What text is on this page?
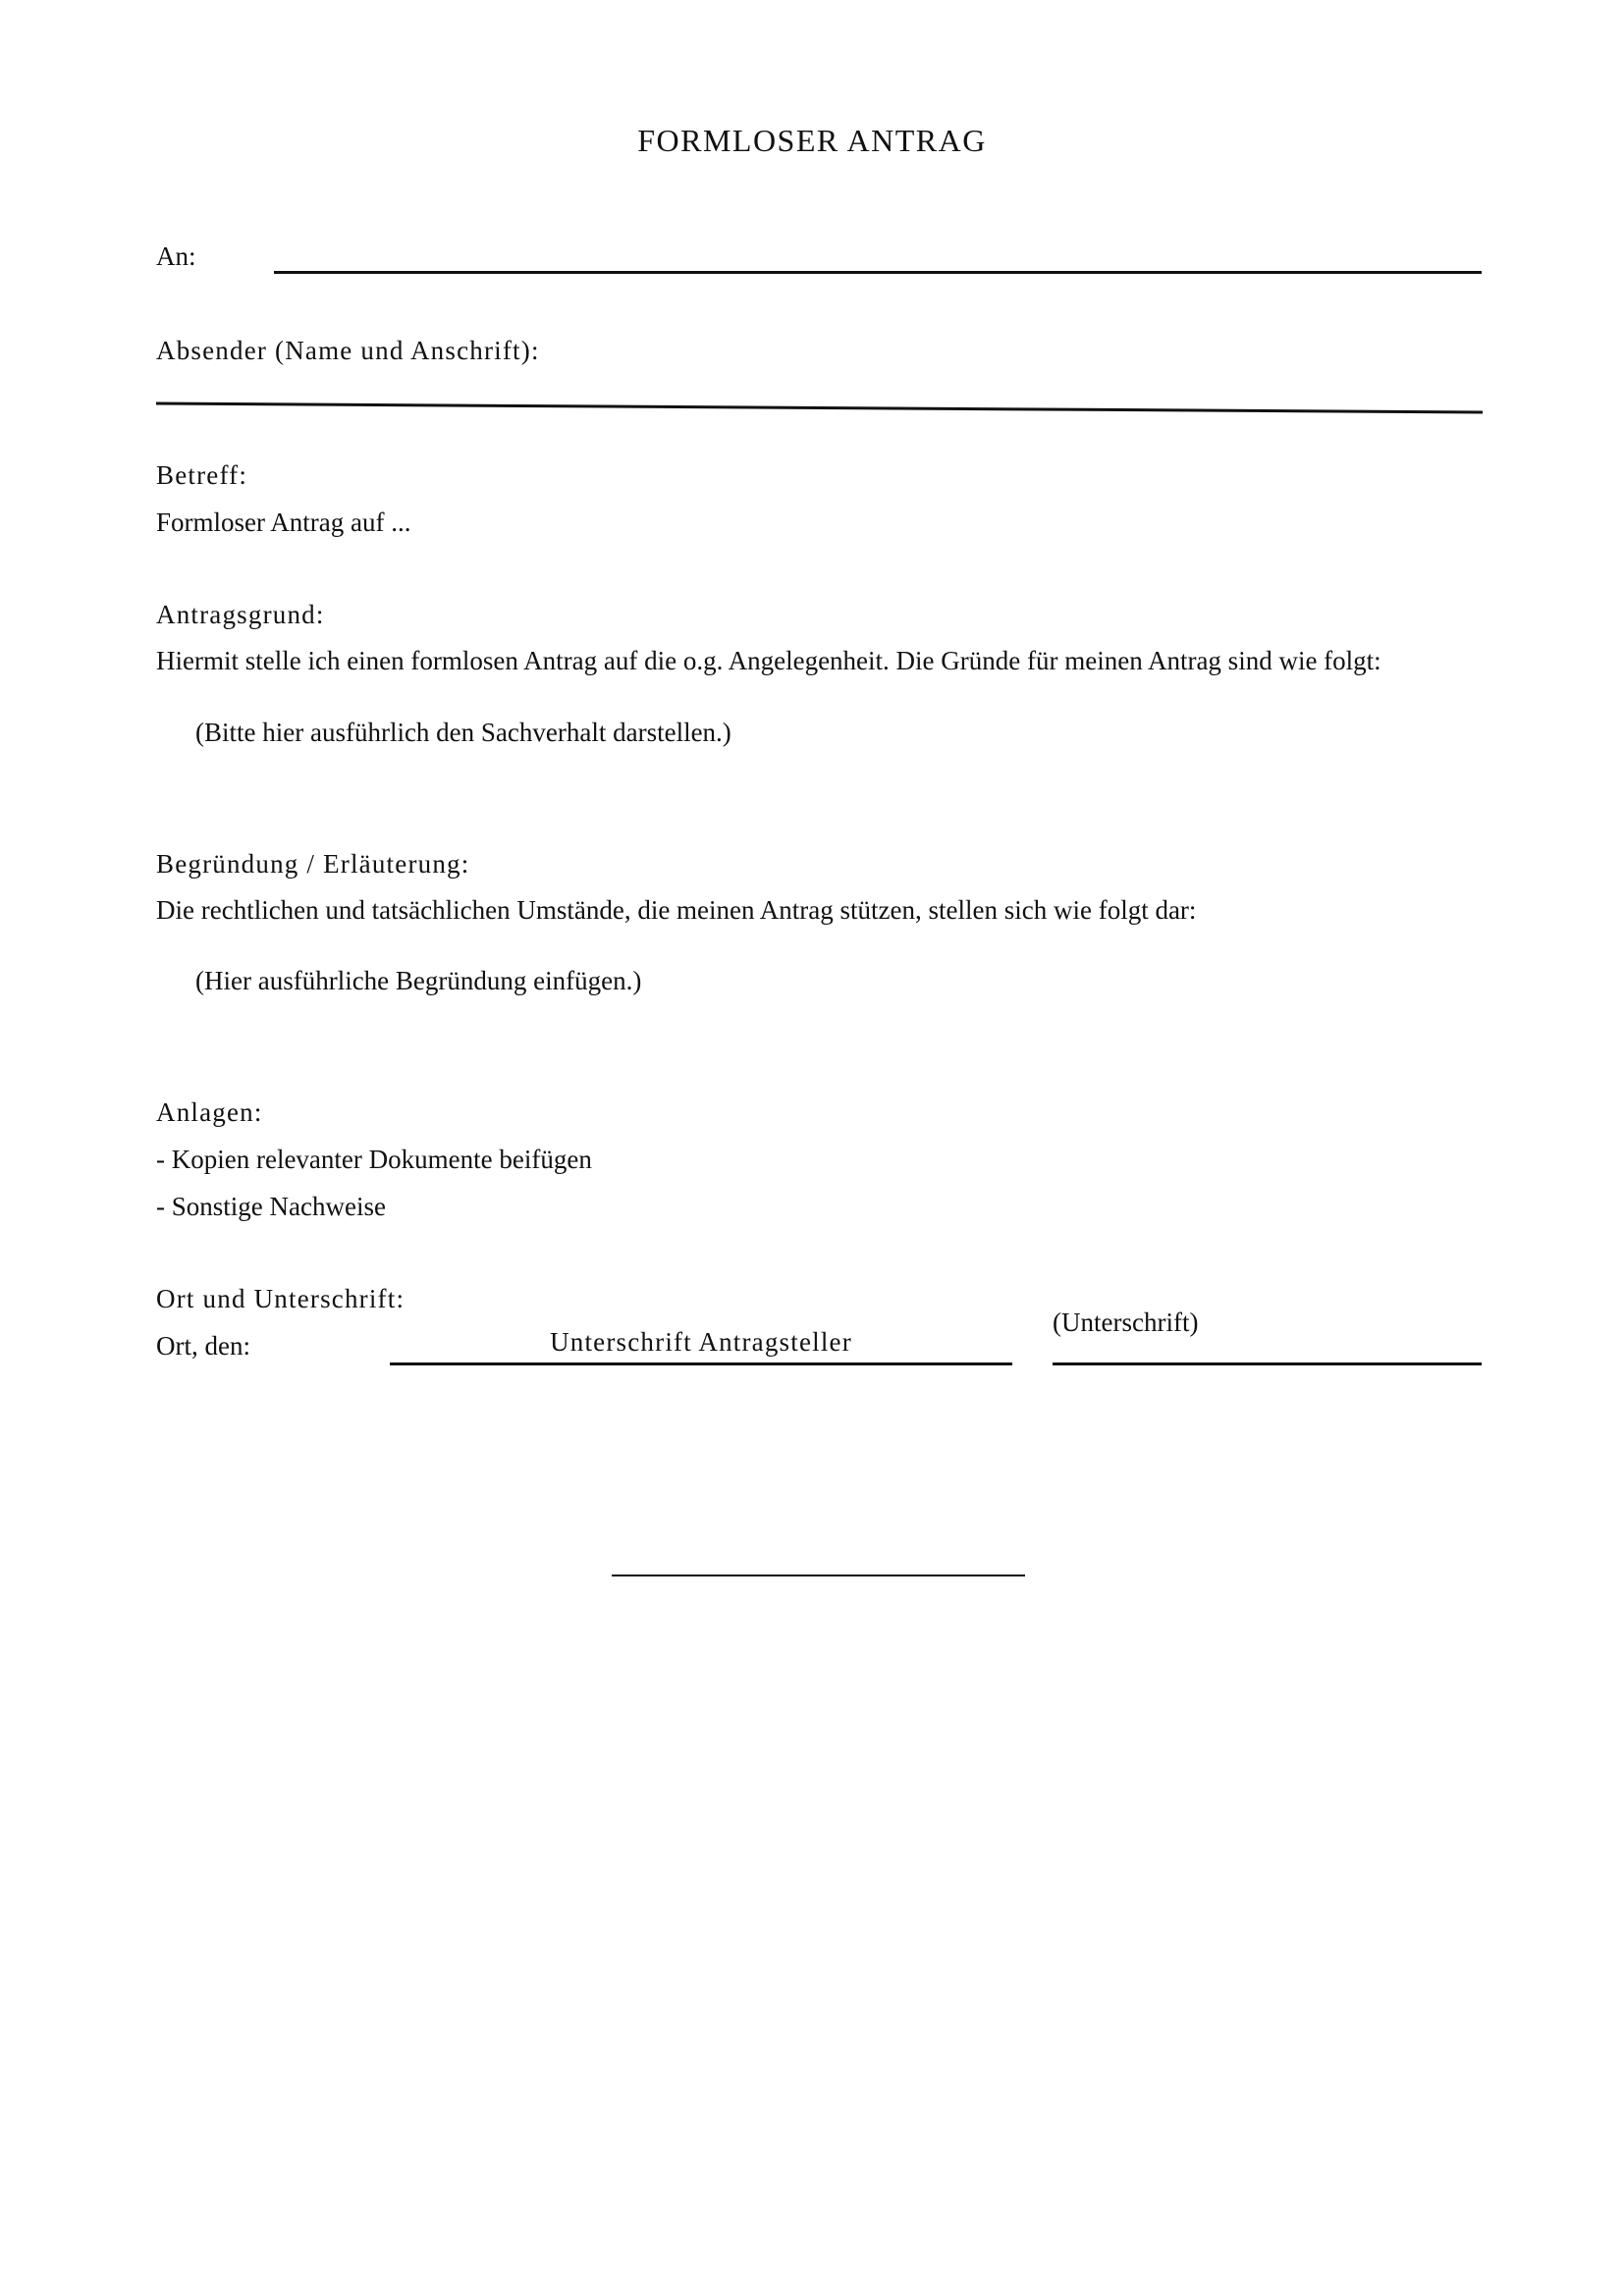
FORMLOSER ANTRAG
An:
Absender (Name und Anschrift):
Betreff:
Formloser Antrag auf ...
Antragsgrund:
Hiermit stelle ich einen formlosen Antrag auf die o.g. Angelegenheit. Die Gründe für meinen Antrag sind wie folgt:
(Bitte hier ausführlich den Sachverhalt darstellen.)
Begründung / Erläuterung:
Die rechtlichen und tatsächlichen Umstände, die meinen Antrag stützen, stellen sich wie folgt dar:
(Hier ausführliche Begründung einfügen.)
Anlagen:
- Kopien relevanter Dokumente beifügen
- Sonstige Nachweise
Ort und Unterschrift:
Ort, den:	Unterschrift Antragsteller
(Unterschrift)
